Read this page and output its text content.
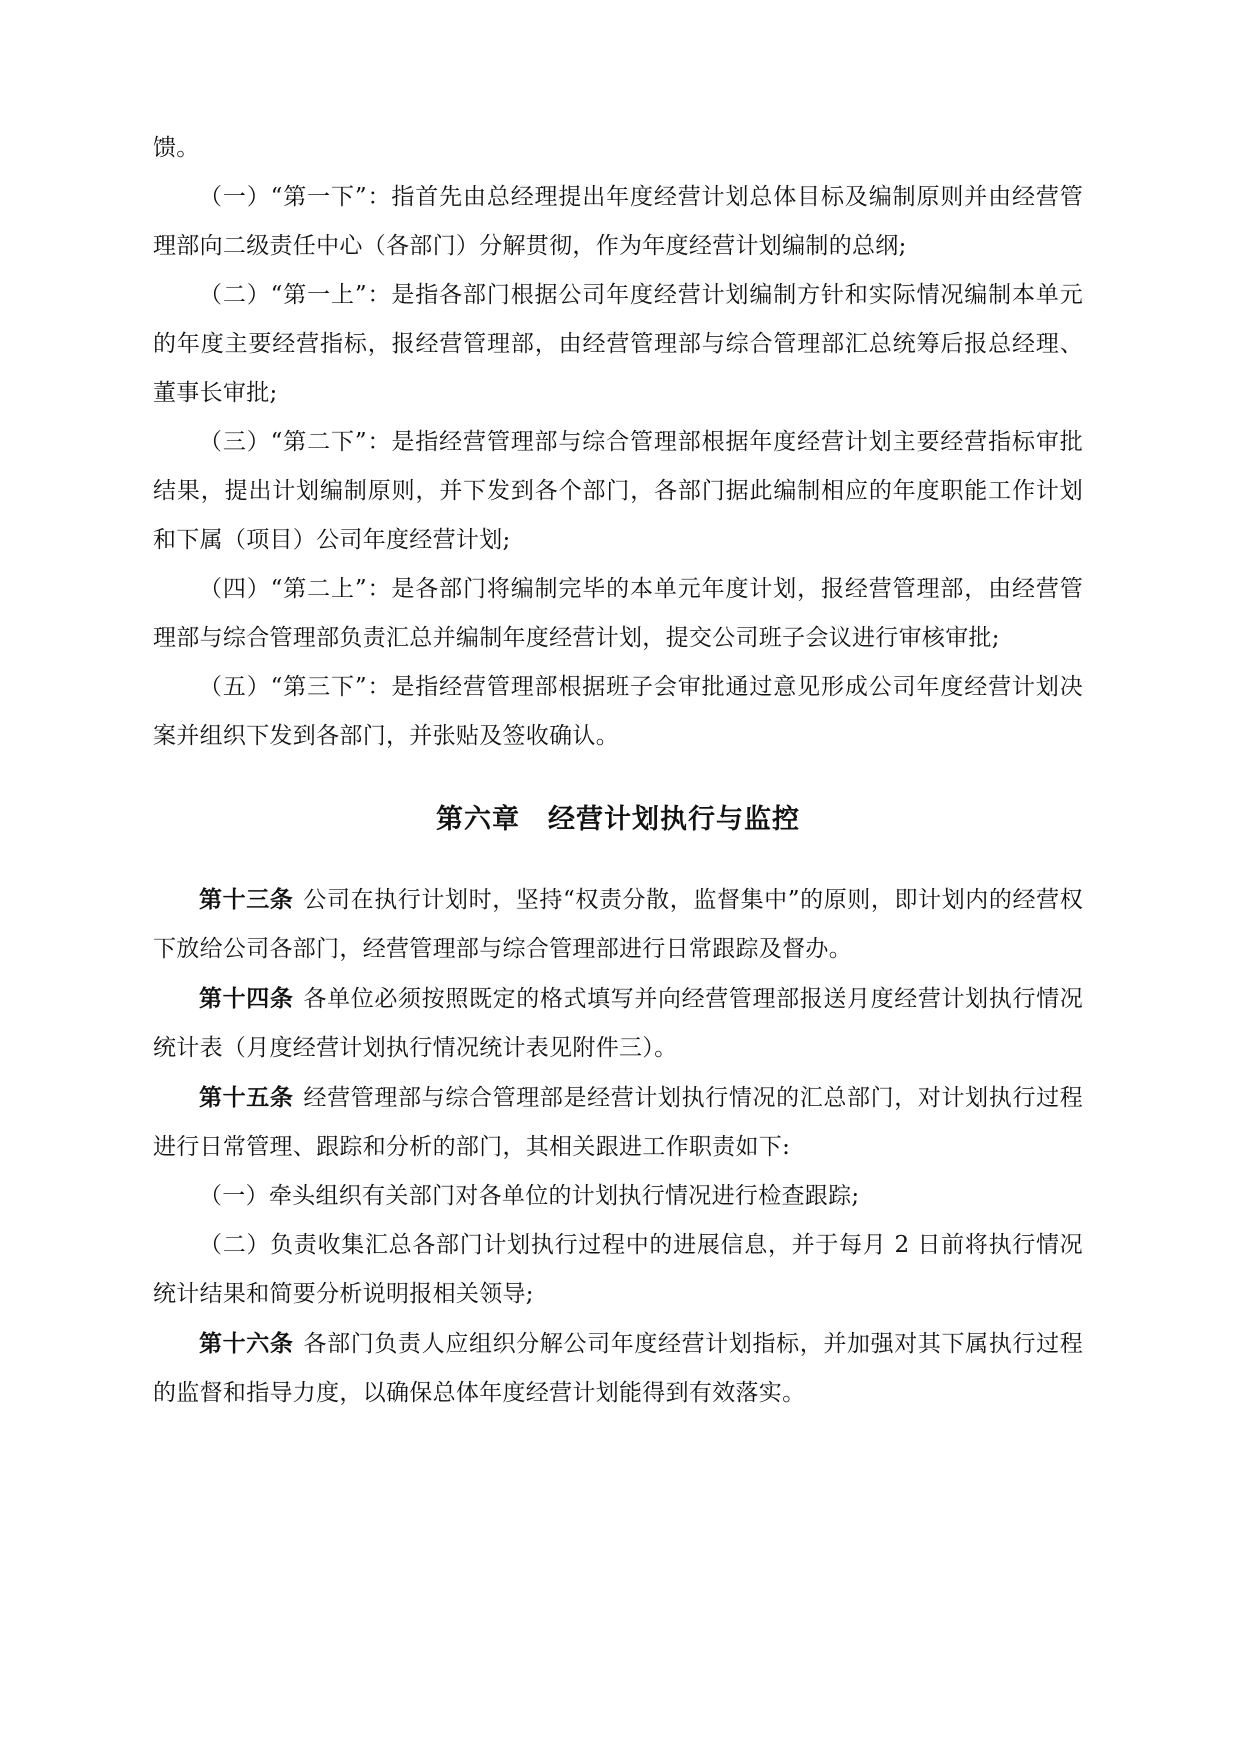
馈。

（一）“第一下”：指首先由总经理提出年度经营计划总体目标及编制原则并由经营管理部向二级责任中心（各部门）分解贯彻，作为年度经营计划编制的总纲;

（二）“第一上”：是指各部门根据公司年度经营计划编制方针和实际情况编制本单元的年度主要经营指标，报经营管理部，由经营管理部与综合管理部汇总统筹后报总经理、董事长审批;

（三）“第二下”：是指经营管理部与综合管理部根据年度经营计划主要经营指标审批结果，提出计划编制原则，并下发到各个部门，各部门据此编制相应的年度职能工作计划和下属（项目）公司年度经营计划;

（四）“第二上”：是各部门将编制完毕的本单元年度计划，报经营管理部，由经营管理部与综合管理部负责汇总并编制年度经营计划，提交公司班子会议进行审核审批;

（五）“第三下”：是指经营管理部根据班子会审批通过意见形成公司年度经营计划决案并组织下发到各部门，并张贴及签收确认。

第六章 经营计划执行与监控

第十三条 公司在执行计划时，坚持“权责分散，监督集中”的原则，即计划内的经营权下放给公司各部门，经营管理部与综合管理部进行日常跟踪及督办。

第十四条 各单位必须按照既定的格式填写并向经营管理部报送月度经营计划执行情况统计表（月度经营计划执行情况统计表见附件三）。

第十五条 经营管理部与综合管理部是经营计划执行情况的汇总部门，对计划执行过程进行日常管理、跟踪和分析的部门，其相关跟进工作职责如下:

（一）牵头组织有关部门对各单位的计划执行情况进行检查跟踪;

（二）负责收集汇总各部门计划执行过程中的进展信息，并于每月 2 日前将执行情况统计结果和简要分析说明报相关领导;

第十六条 各部门负责人应组织分解公司年度经营计划指标，并加强对其下属执行过程的监督和指导力度，以确保总体年度经营计划能得到有效落实。
